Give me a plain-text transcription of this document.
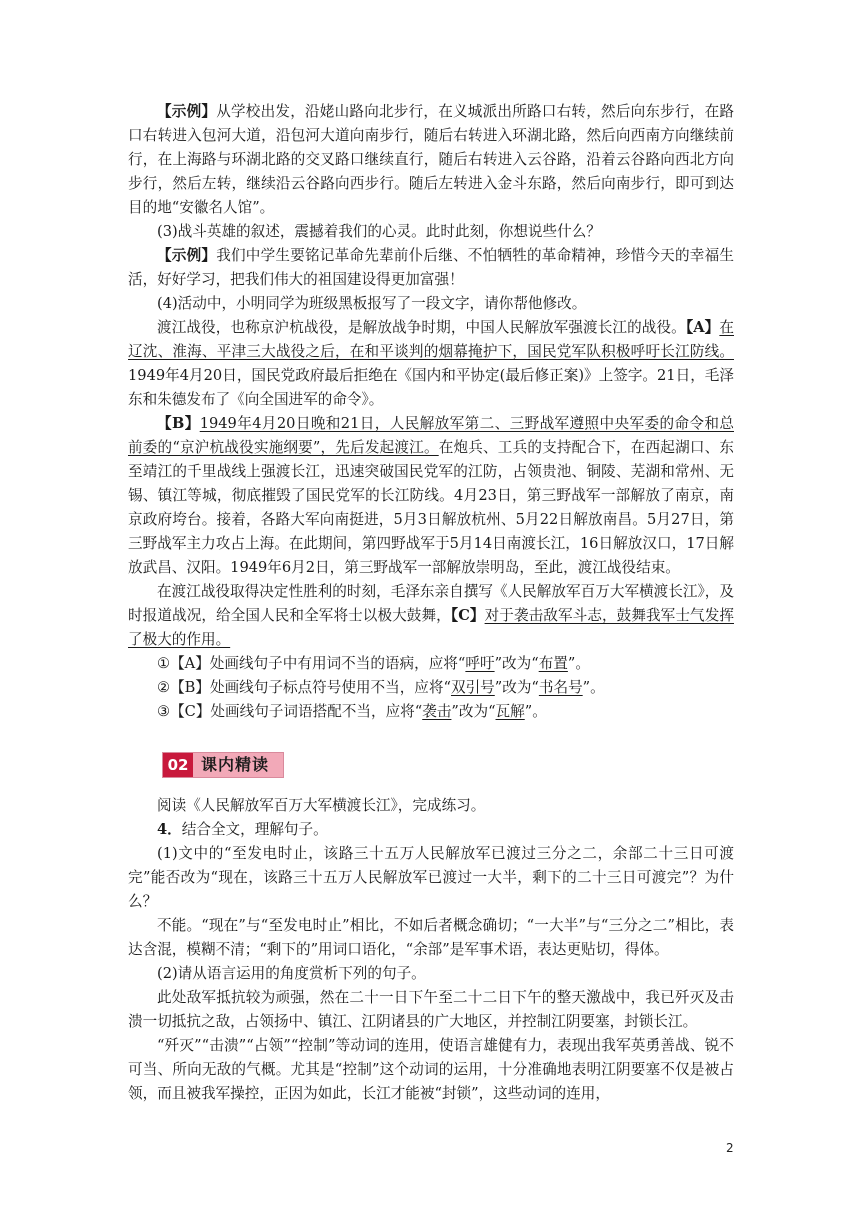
【示例】从学校出发，沿姥山路向北步行，在义城派出所路口右转，然后向东步行，在路口右转进入包河大道，沿包河大道向南步行，随后右转进入环湖北路，然后向西南方向继续前行，在上海路与环湖北路的交叉路口继续直行，随后右转进入云谷路，沿着云谷路向西北方向步行，然后左转，继续沿云谷路向西步行。随后左转进入金斗东路，然后向南步行，即可到达目的地“安徽名人馆”。

(3)战斗英雄的叙述，震撼着我们的心灵。此时此刻，你想说些什么？

【示例】我们中学生要铭记革命先辈前仆后继、不怕牺牲的革命精神，珍惜今天的幸福生活，好好学习，把我们伟大的祖国建设得更加富强！

(4)活动中，小明同学为班级黑板报写了一段文字，请你帮他修改。

渡江战役，也称京沪杭战役，是解放战争时期，中国人民解放军强渡长江的战役。【A】在辽沈、淮海、平津三大战役之后，在和平谈判的烟幕掩护下，国民党军队积极呼吁长江防线。1949年4月20日，国民党政府最后拒绝在《国内和平协定(最后修正案)》上签字。21日，毛泽东和朱德发布了《向全国进军的命令》。

【B】1949年4月20日晚和21日，人民解放军第二、三野战军遵照中央军委的命令和总前委的“京沪杭战役实施纲要”，先后发起渡江。在炮兵、工兵的支持配合下，在西起湖口、东至靖江的千里战线上强渡长江，迅速突破国民党军的江防，占领贵池、铜陵、芜湖和常州、无锡、镇江等城，彻底摧毁了国民党军的长江防线。4月23日，第三野战军一部解放了南京，南京政府垮台。接着，各路大军向南挺进，5月3日解放杭州、5月22日解放南昌。5月27日，第三野战军主力攻占上海。在此期间，第四野战军于5月14日南渡长江，16日解放汉口，17日解放武昌、汉阳。1949年6月2日，第三野战军一部解放崇明岛，至此，渡江战役结束。

在渡江战役取得决定性胜利的时刻，毛泽东亲自撰写《人民解放军百万大军横渡长江》，及时报道战况，给全国人民和全军将士以极大鼓舞，【C】对于袭击敌军斗志，鼓舞我军士气发挥了极大的作用。

①【A】处画线句子中有用词不当的语病，应将“呼吁”改为“布置”。

②【B】处画线句子标点符号使用不当，应将“双引号”改为“书名号”。

③【C】处画线句子词语搭配不当，应将“袭击”改为“瓦解”。

02 课内精读

阅读《人民解放军百万大军横渡长江》，完成练习。

4．结合全文，理解句子。

(1)文中的“至发电时止，该路三十五万人民解放军已渡过三分之二，余部二十三日可渡完”能否改为“现在，该路三十五万人民解放军已渡过一大半，剩下的二十三日可渡完”？为什么？

不能。“现在”与“至发电时止”相比，不如后者概念确切；“一大半”与“三分之二”相比，表达含混，模糊不清；“剩下的”用词口语化，“余部”是军事术语，表达更贴切，得体。

(2)请从语言运用的角度赏析下列的句子。

此处敌军抵抗较为顽强，然在二十一日下午至二十二日下午的整天激战中，我已歼灭及击溃一切抵抗之敌，占领扬中、镇江、江阴诸县的广大地区，并控制江阴要塞，封锁长江。

“歼灭”“击溃”“占领”“控制”等动词的连用，使语言雄健有力，表现出我军英勇善战、锐不可当、所向无敌的气概。尤其是“控制”这个动词的运用，十分准确地表明江阴要塞不仅是被占领，而且被我军操控，正因为如此，长江才能被“封锁”，这些动词的连用，

2
